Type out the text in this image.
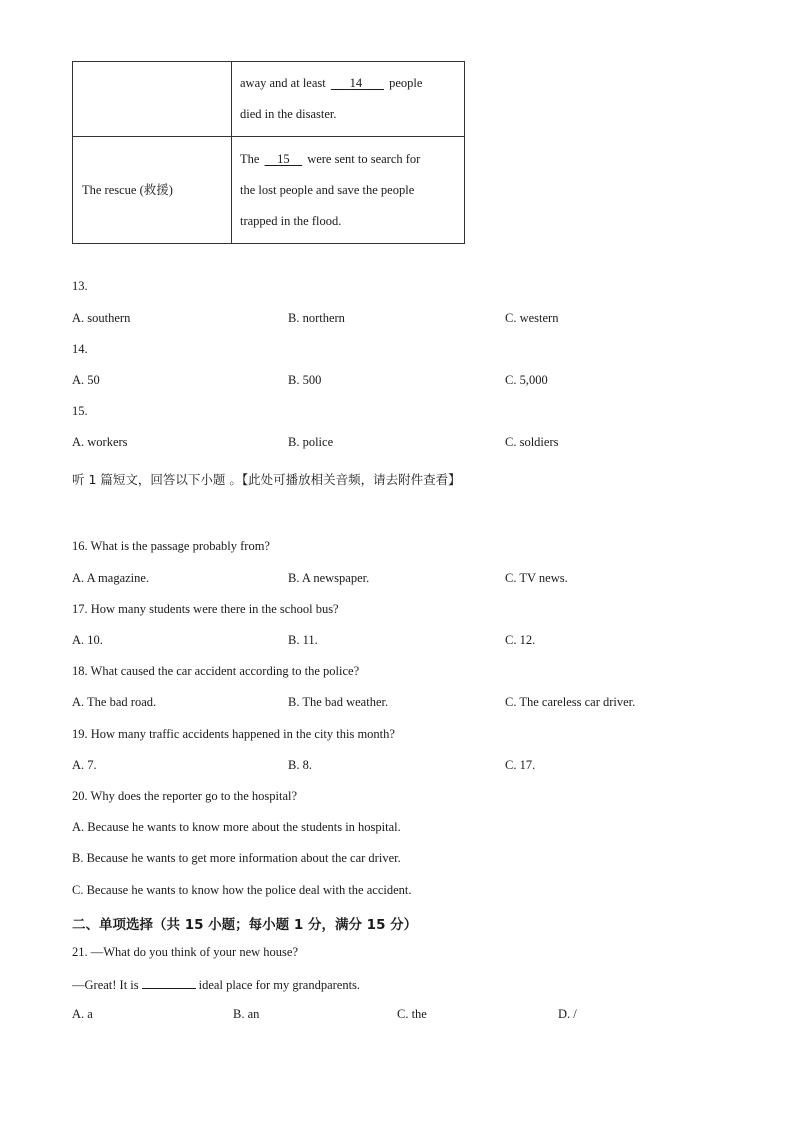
	away and at least 14 people
died in the disaster.
The rescue (救援)	The 15 were sent to search for
the lost people and save the people
trapped in the flood.
13.
A. southern	B. northern	C. western
14.
A. 50	B. 500	C. 5,000
15.
A. workers	B. police	C. soldiers
听 1 篇短文，回答以下小题 。【此处可播放相关音频，请去附件查看】
16. What is the passage probably from?
A. A magazine.	B. A newspaper.	C. TV news.
17. How many students were there in the school bus?
A. 10.	B. 11.	C. 12.
18. What caused the car accident according to the police?
A. The bad road.	B. The bad weather.	C. The careless car driver.
19. How many traffic accidents happened in the city this month?
A. 7.	B. 8.	C. 17.
20. Why does the reporter go to the hospital?
A. Because he wants to know more about the students in hospital.
B. Because he wants to get more information about the car driver.
C. Because he wants to know how the police deal with the accident.
二、单项选择（共 15 小题；每小题 1 分，满分 15 分）
21. —What do you think of your new house?
—Great! It is	ideal place for my grandparents.
A. a	B. an	C. the	D. /
